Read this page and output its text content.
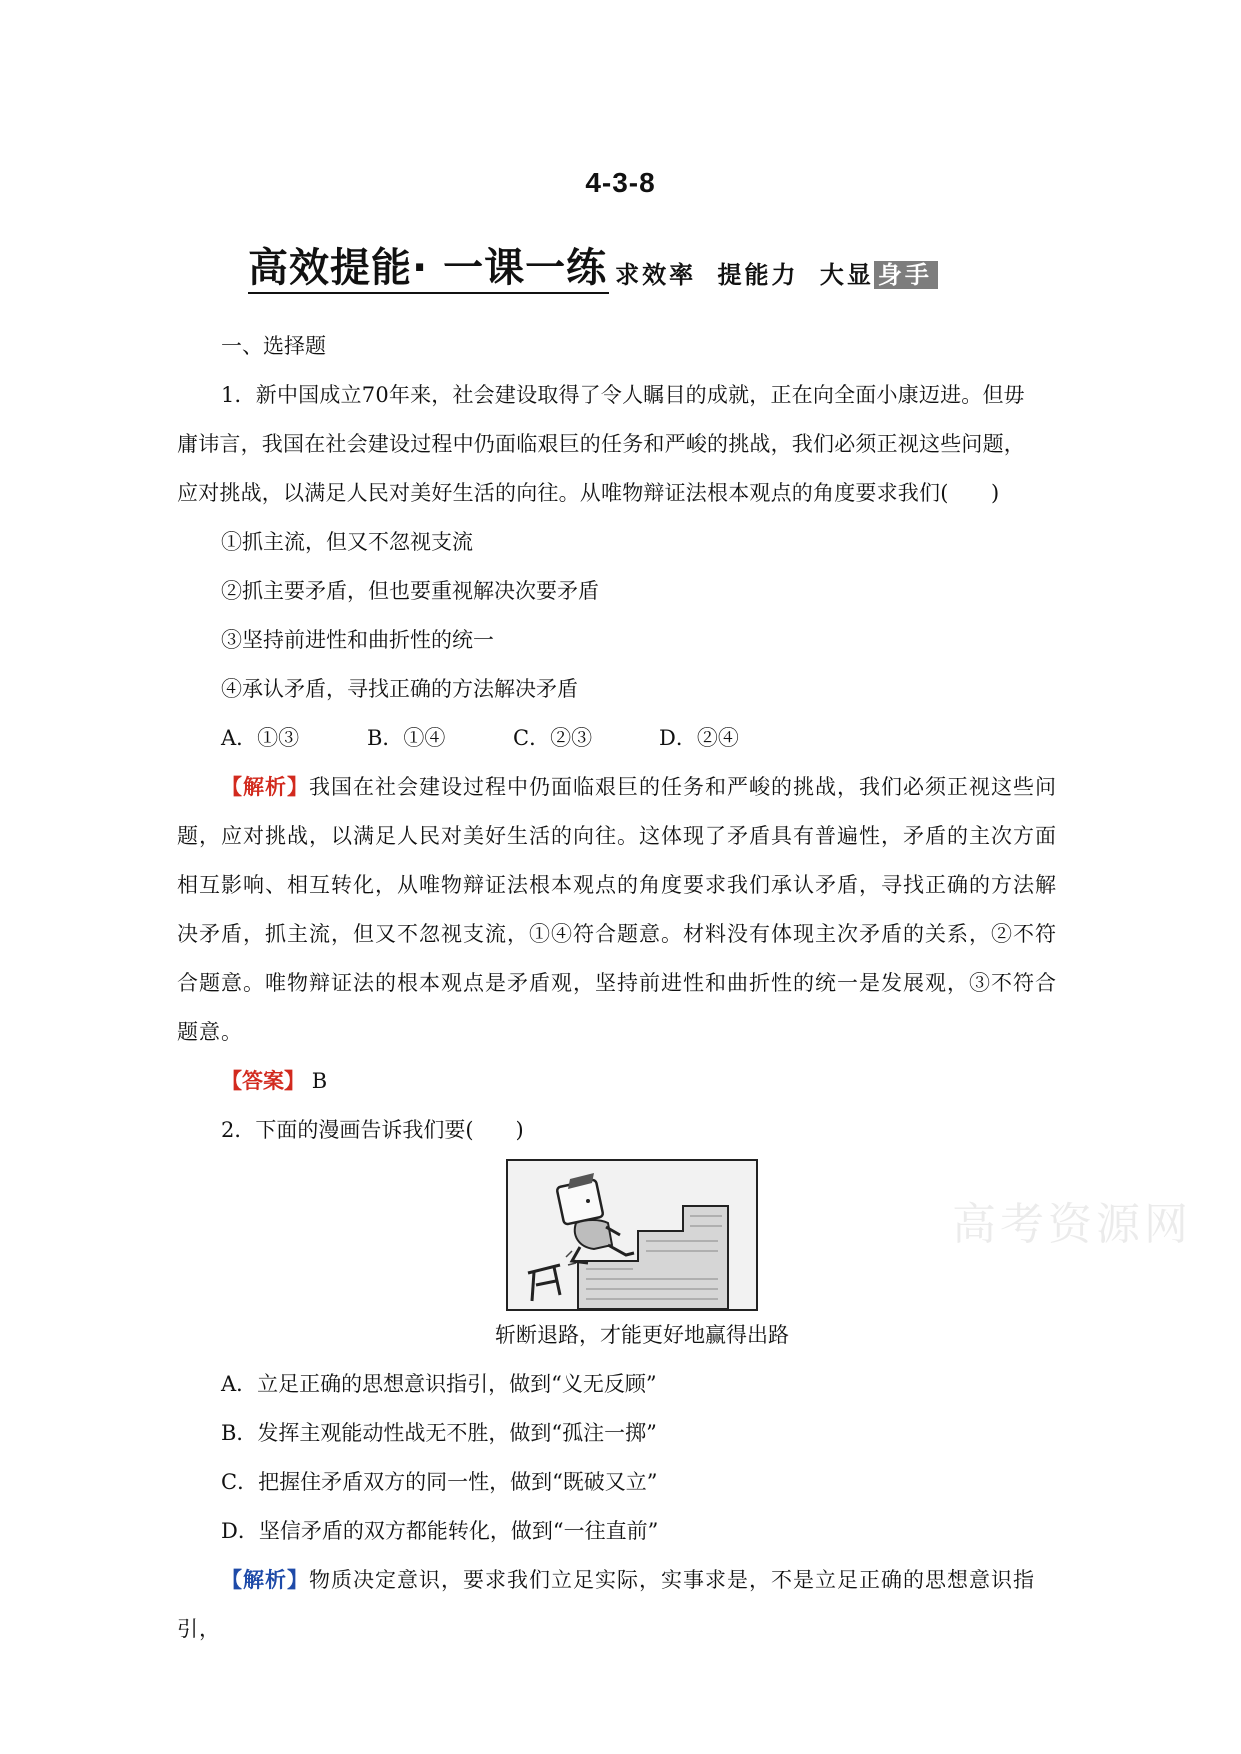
4-3-8
高效提能· 一课一练 求效率 提能力 大显 身手

一、选择题

1．新中国成立70年来，社会建设取得了令人瞩目的成就，正在向全面小康迈进。但毋

庸讳言，我国在社会建设过程中仍面临艰巨的任务和严峻的挑战，我们必须正视这些问题，

应对挑战，以满足人民对美好生活的向往。从唯物辩证法根本观点的角度要求我们(　　)

①抓主流，但又不忽视支流

②抓主要矛盾，但也要重视解决次要矛盾

③坚持前进性和曲折性的统一

④承认矛盾，寻找正确的方法解决矛盾

A．①③	B．①④	C．②③	D．②④

【解析】我国在社会建设过程中仍面临艰巨的任务和严峻的挑战，我们必须正视这些问

题，应对挑战，以满足人民对美好生活的向往。这体现了矛盾具有普遍性，矛盾的主次方面

相互影响、相互转化，从唯物辩证法根本观点的角度要求我们承认矛盾，寻找正确的方法解

决矛盾，抓主流，但又不忽视支流，①④符合题意。材料没有体现主次矛盾的关系，②不符

合题意。唯物辩证法的根本观点是矛盾观，坚持前进性和曲折性的统一是发展观，③不符合

题意。

【答案】 B

2．下面的漫画告诉我们要(　　)

斩断退路，才能更好地赢得出路

A．立足正确的思想意识指引，做到“义无反顾”

B．发挥主观能动性战无不胜，做到“孤注一掷”

C．把握住矛盾双方的同一性，做到“既破又立”

D．坚信矛盾的双方都能转化，做到“一往直前”

【解析】物质决定意识，要求我们立足实际，实事求是，不是立足正确的思想意识指引，

高考资源网
